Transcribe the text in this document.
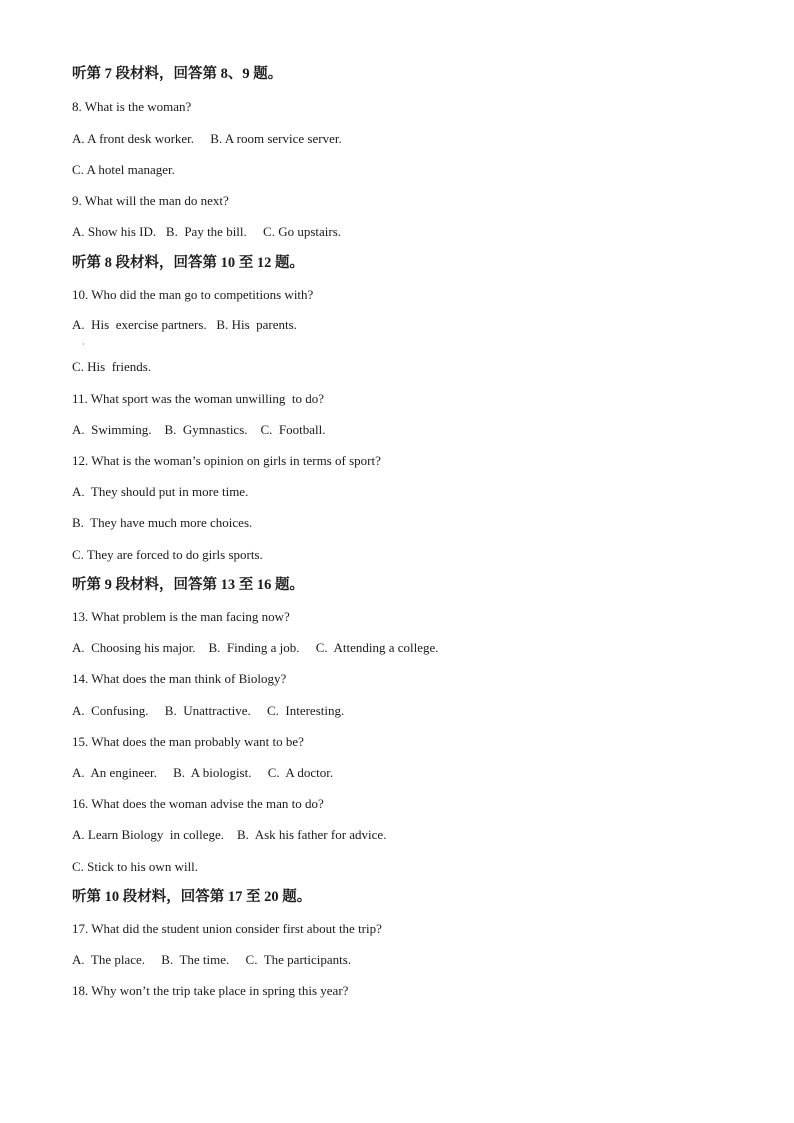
听第 7 段材料，回答第 8、9 题。
8. What is the woman?
A. A front desk worker.     B. A room service server.
C. A hotel manager.
9. What will the man do next?
A. Show his ID.   B.  Pay the bill.     C. Go upstairs.
听第 8 段材料，回答第 10 至 12 题。
10. Who did the man go to competitions with?
A.  His  exercise partners.   B. His  parents.
·
C. His  friends.
11. What sport was the woman unwilling  to do?
A.  Swimming.    B.  Gymnastics.    C.  Football.
12. What is the woman’s opinion on girls in terms of sport?
A.  They should put in more time.
B.  They have much more choices.
C. They are forced to do girls sports.
听第 9 段材料，回答第 13 至 16 题。
13. What problem is the man facing now?
A.  Choosing his major.    B.  Finding a job.     C.  Attending a college.
14. What does the man think of Biology?
A.  Confusing.     B.  Unattractive.     C.  Interesting.
15. What does the man probably want to be?
A.  An engineer.     B.  A biologist.     C.  A doctor.
16. What does the woman advise the man to do?
A. Learn Biology  in college.    B.  Ask his father for advice.
C. Stick to his own will.
听第 10 段材料，回答第 17 至 20 题。
17. What did the student union consider first about the trip?
A.  The place.     B.  The time.     C.  The participants.
18. Why won’t the trip take place in spring this year?
